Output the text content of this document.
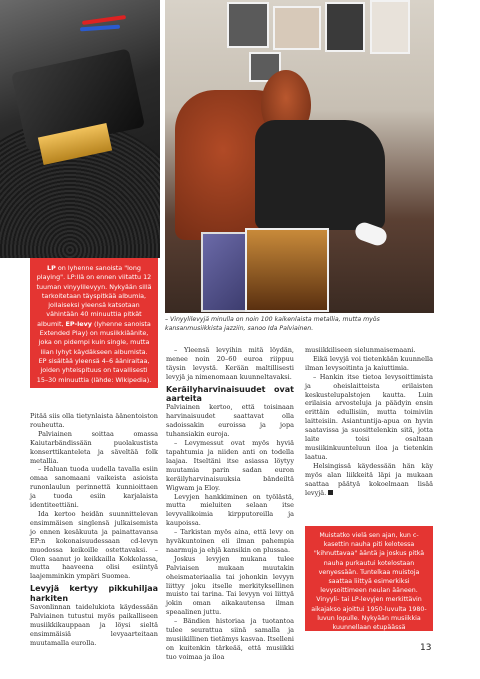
LP on lyhenne sanoista "long playing". LP:llä on ennen viitattu 12 tuuman vinyylilevyyn. Nykyään sillä tarkoitetaan täyspitkää albumia, jollaiseksi yleensä katsotaan vähintään 40 minuuttia pitkät albumit, EP-levy (lyhenne sanoista Extended Play) on musiikkiäänite, joka on pidempi kuin single, mutta liian lyhyt käydäkseen albumista. EP sisältää yleensä 4–6 ääniraitaa, joiden yhteispituus on tavallisesti 15–30 minuuttia (lähde: Wikipedia).
– Vinyylilevyjä minulla on noin 100 kaikenlaista metallia, mutta myös kansanmusiikkista jazziin, sanoo Ida Palviainen.

Pitää siis olla tietynlaista äänentoiston rouheutta.

Palviainen soittaa omassa Kaiutarbändissään puolakustista konserttikanteleta ja säveltää folk metallia.

– Haluan tuoda uudella tavalla esiin omaa sanomaani vaikeista asioista runonlaulun perinnettä kunnioittaen ja tuoda esiin karjalaista identiteettiäni.

Ida kertoo heidän suunnittelevan ensimmäisen singlensä julkaisemista jo ennen kesäkuuta ja painattavansa EP:n kokonaisuudessaan cd-levyn muodossa keikoille ostettavaksi. – Olen saanut jo keikkailla Kokkolassa, mutta haaveena olisi esiintyä laajemminkin ympäri Suomea.

Levyjä kertyy pikkuhiljaa harkiten

Savonlinnan taidelukiota käydessään Palviainen tutustui myös paikalliseen musiikkikauppaan ja löysi sieltä ensimmäisiä levyaarteitaan muutamalla eurolla.

– Yleensä levyihin mitä löydän, menee noin 20–60 euroa riippuu täysin levystä. Kerään maltillisesti levyjä ja nimenomaan kuunneltavaksi.

Keräilyharvinaisuudet ovat aarteita

Palviainen kertoo, että toisinaan harvinaisuudet saattavat olla sadoissakin euroissa ja jopa tuhansiakin euroja.

– Levymessut ovat myös hyviä tapahtumia ja niiden anti on todella laajaa. Itseltäni itse asiassa löytyy muutamia parin sadan euron keräilyharvinaisuuksia bändeiltä Wigwam ja Eloy.

Levyjen hankkiminen on työlästä, mutta mieluiten selaan itse levyvalikoimia kirpputoreilla ja kaupoissa.

– Tarkistan myös aina, että levy on hyväkuntoinen eli ilman pahempia naarmuja ja ehjä kansikin on plussaa.

Joskus levyjen mukana tulee Palviaisen mukaan muutakin oheismateriaalia tai johonkin levyyn liittyy joku itselle merkityksellinen muisto tai tarina. Tai levyyn voi liittyä jokin oman aikakautensa ilman speaalinen juttu.

– Bändien historiaa ja tuotantoa tulee seurattua siinä samalla ja musiikillinen tietämys kasvaa. Itselleni on kuitenkin tärkeää, että musiikki tuo voimaa ja iloa

musiikkiliseen sielunmaisemaani.

Eikä levyjä voi tietenkään kuunnella ilman levysoitinta ja kaiuttimia.

– Hankin itse tietoa levysoittimista ja oheislaitteista erilaisten keskustelupalstojen kautta. Luin erilaisia arvosteluja ja päädyin ensin erittäin edullisiin, mutta toimiviin laitteisiin. Asiantuntija-apua on hyvin saatavissa ja suosittelenkin sitä, jotta laite toisi osaltaan musiikinkuunteluun iloa ja tietenkin laatua.

Helsingissä käydessään hän käy myös alan liikkeitä läpi ja mukaan saattaa päätyä kokoelmaan lisää levyjä.

Muistatko vielä sen ajan, kun c-kasettin nauha piti kelotessa "kihnuttavaa" ääntä ja joskus pitkä nauha purkautui kotelostaan venyessään. Tuntelkaa muistoja saattaa liittyä esimerkiksi levysoittimeen neulan ääneen. Vinyyli- tai LP-levyjen merkittävin aikajakso ajoittui 1950-luvulta 1980-luvun lopulle. Nykyään musiikkia kuunnellaan etupäässä suoratoistopalveluista. Kotoisi saattaa löytyä levyaarteita, joita joku saattaa himoita kokoelmaansa.
13
